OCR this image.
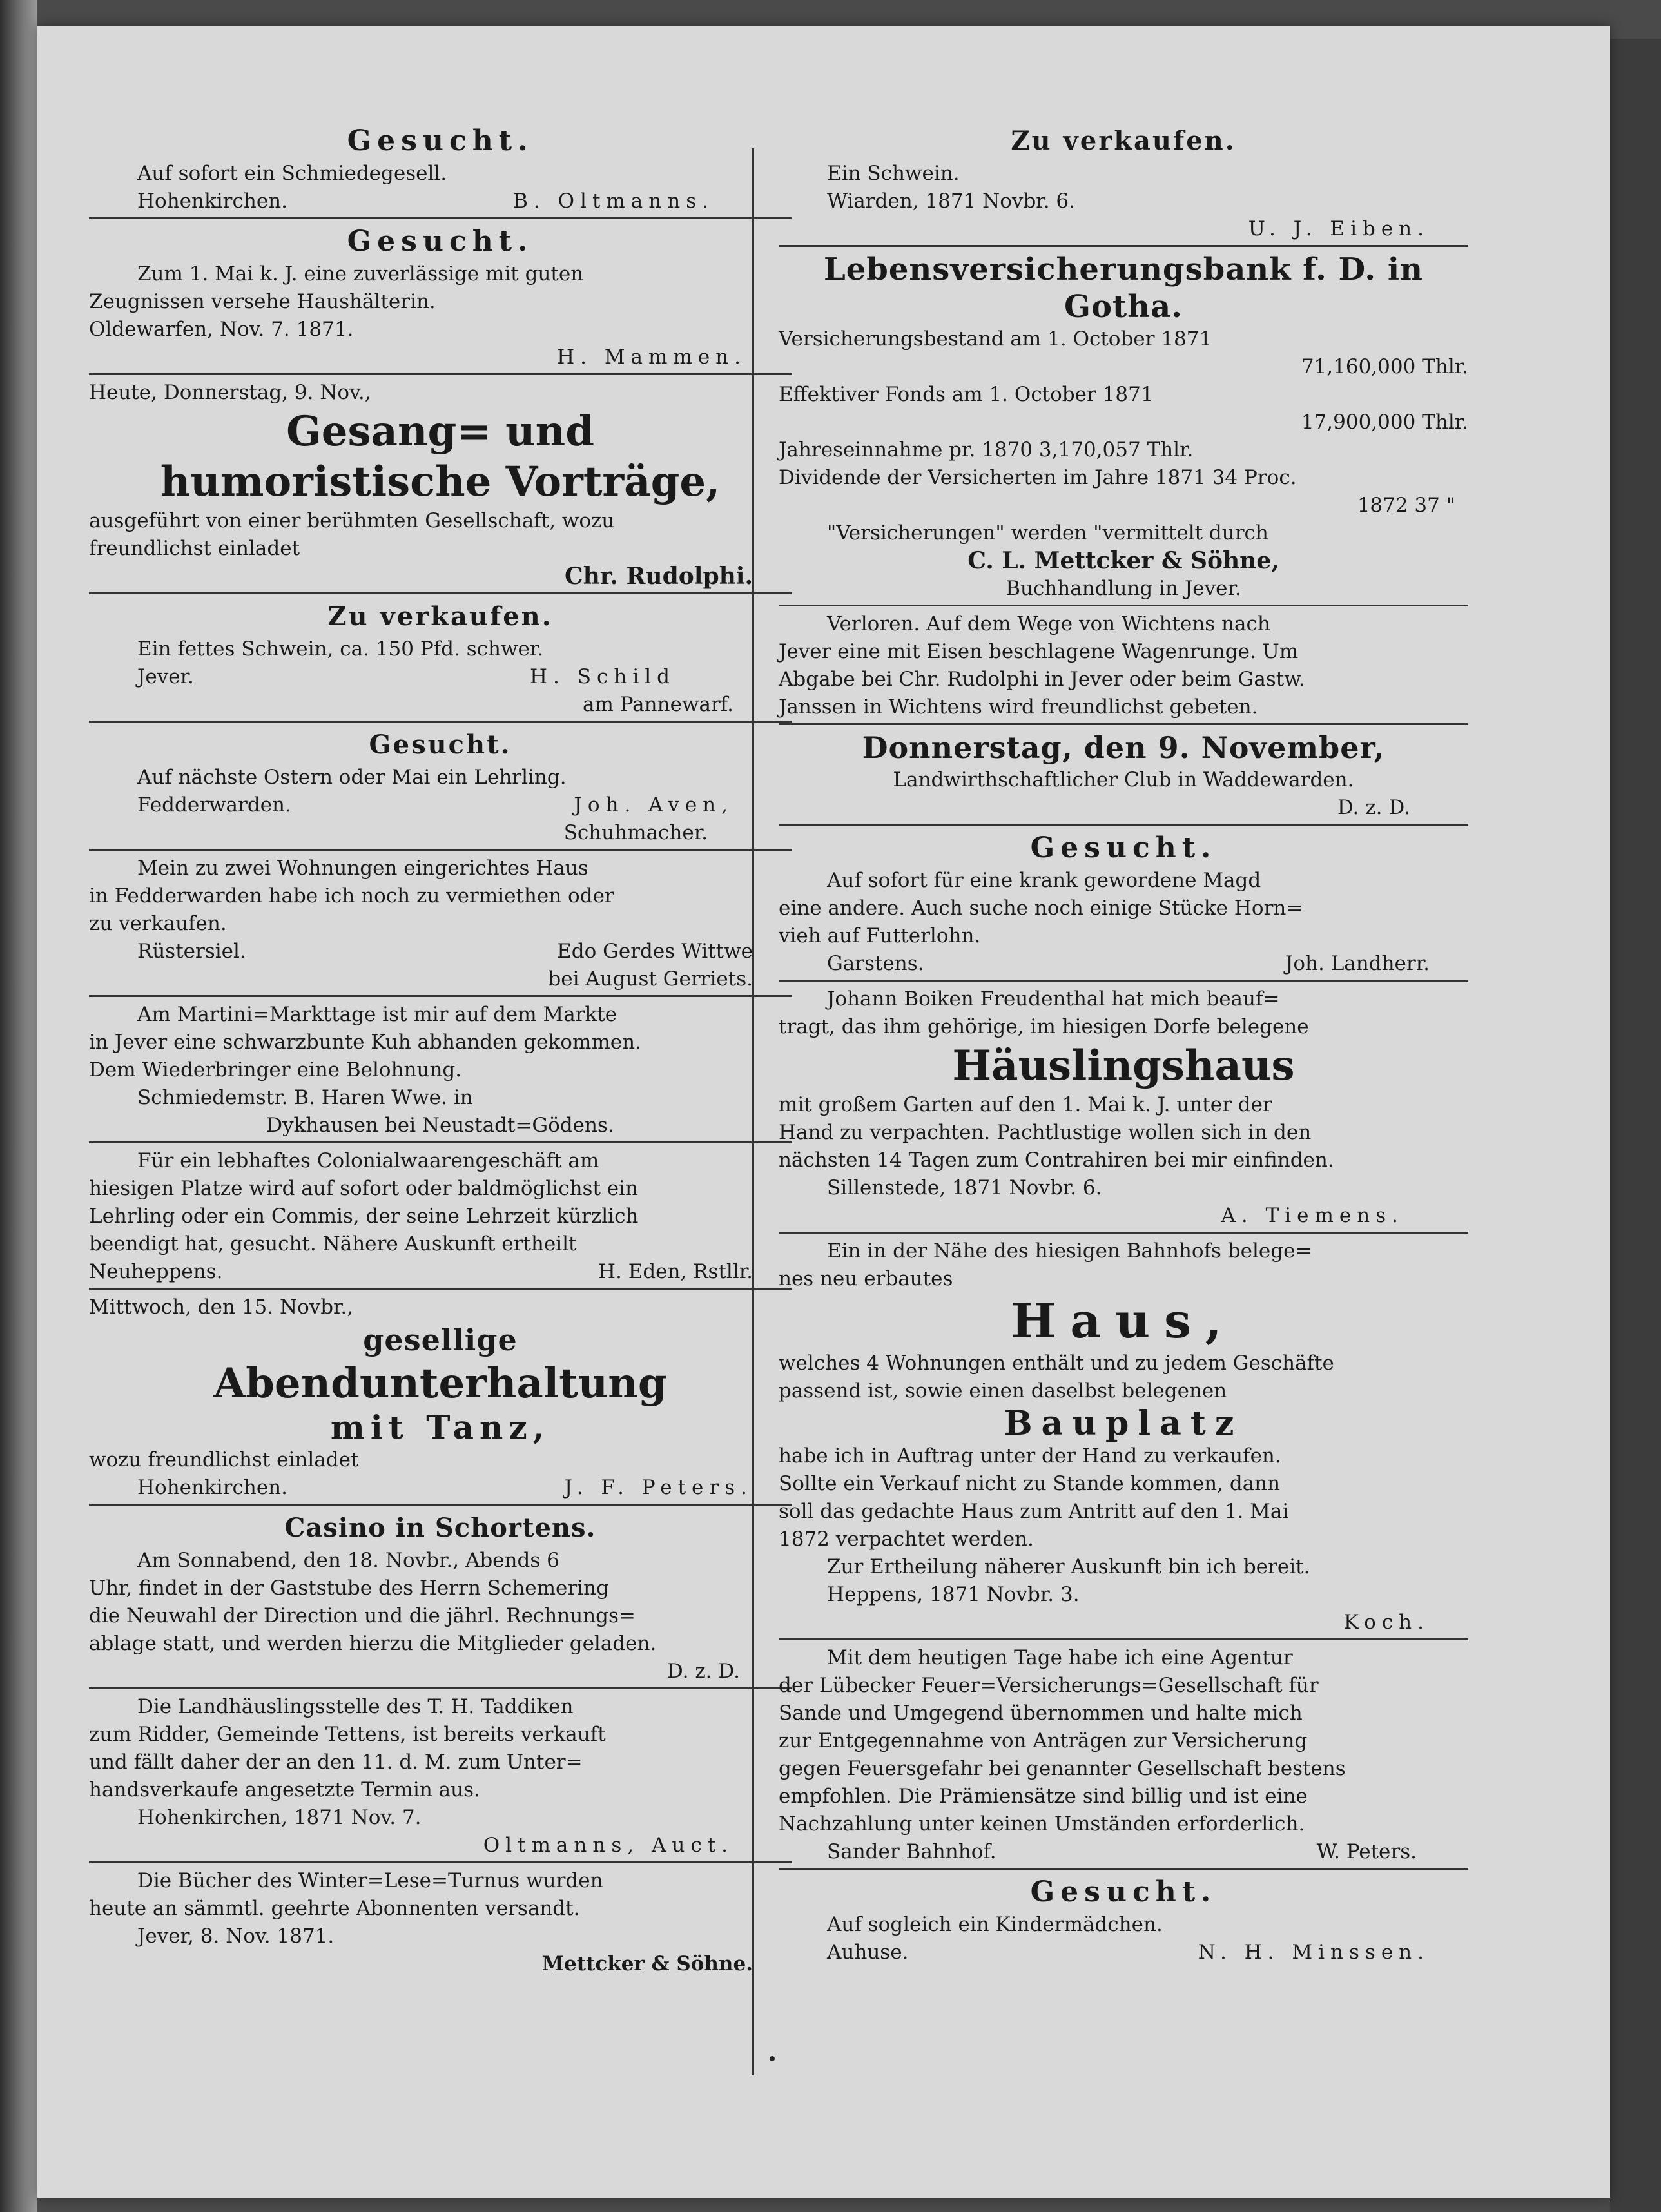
Gesucht.

Auf sofort ein Schmiedegesell.

Hohenkirchen.	B. Oltmanns.
Gesucht.

Zum 1. Mai k. J. eine zuverlässige mit guten

Zeugnissen versehe Haushälterin.

Oldewarfen, Nov. 7. 1871.

H. Mammen.

Heute, Donnerstag, 9. Nov.,

Gesang= und
humoristische Vorträge,

ausgeführt von einer berühmten Gesellschaft, wozu

freundlichst einladet

Chr. Rudolphi.

Zu verkaufen.

Ein fettes Schwein, ca. 150 Pfd. schwer.

Jever.	H. Schild

am Pannewarf.

Gesucht.

Auf nächste Ostern oder Mai ein Lehrling.

Fedderwarden.	Joh. Aven,

Schuhmacher.

Mein zu zwei Wohnungen eingerichtes Haus

in Fedderwarden habe ich noch zu vermiethen oder

zu verkaufen.

Rüstersiel.	Edo Gerdes Wittwe

bei August Gerriets.

Am Martini=Markttage ist mir auf dem Markte

in Jever eine schwarzbunte Kuh abhanden gekommen.

Dem Wiederbringer eine Belohnung.

Schmiedemstr. B. Haren Wwe. in

Dykhausen bei Neustadt=Gödens.

Für ein lebhaftes Colonialwaarengeschäft am

hiesigen Platze wird auf sofort oder baldmöglichst ein

Lehrling oder ein Commis, der seine Lehrzeit kürzlich

beendigt hat, gesucht. Nähere Auskunft ertheilt

Neuheppens.	H. Eden, Rstllr.

Mittwoch, den 15. Novbr.,

gesellige
Abendunterhaltung
mit Tanz,

wozu freundlichst einladet

Hohenkirchen.	J. F. Peters.
Casino in Schortens.

Am Sonnabend, den 18. Novbr., Abends 6

Uhr, findet in der Gaststube des Herrn Schemering

die Neuwahl der Direction und die jährl. Rechnungs=

ablage statt, und werden hierzu die Mitglieder geladen.

D. z. D.

Die Landhäuslingsstelle des T. H. Taddiken

zum Ridder, Gemeinde Tettens, ist bereits verkauft

und fällt daher der an den 11. d. M. zum Unter=

handsverkaufe angesetzte Termin aus.

Hohenkirchen, 1871 Nov. 7.

Oltmanns, Auct.

Die Bücher des Winter=Lese=Turnus wurden

heute an sämmtl. geehrte Abonnenten versandt.

Jever, 8. Nov. 1871.

Mettcker & Söhne.

Zu verkaufen.

Ein Schwein.

Wiarden, 1871 Novbr. 6.

U. J. Eiben.

Lebensversicherungsbank f. D. in
Gotha.

Versicherungsbestand am 1. October 1871

71,160,000 Thlr.

Effektiver Fonds am 1. October 1871

17,900,000 Thlr.

Jahreseinnahme pr. 1870 3,170,057 Thlr.

Dividende der Versicherten im Jahre 1871 34 Proc.

1872 37 "

"Versicherungen" werden "vermittelt durch

C. L. Mettcker & Söhne,

Buchhandlung in Jever.

Verloren. Auf dem Wege von Wichtens nach

Jever eine mit Eisen beschlagene Wagenrunge. Um

Abgabe bei Chr. Rudolphi in Jever oder beim Gastw.

Janssen in Wichtens wird freundlichst gebeten.

Donnerstag, den 9. November,

Landwirthschaftlicher Club in Waddewarden.

D. z. D.

Gesucht.

Auf sofort für eine krank gewordene Magd

eine andere. Auch suche noch einige Stücke Horn=

vieh auf Futterlohn.

Garstens.	Joh. Landherr.

Johann Boiken Freudenthal hat mich beauf=

tragt, das ihm gehörige, im hiesigen Dorfe belegene

Häuslingshaus

mit großem Garten auf den 1. Mai k. J. unter der

Hand zu verpachten. Pachtlustige wollen sich in den

nächsten 14 Tagen zum Contrahiren bei mir einfinden.

Sillenstede, 1871 Novbr. 6.

A. Tiemens.

Ein in der Nähe des hiesigen Bahnhofs belege=

nes neu erbautes

Haus,

welches 4 Wohnungen enthält und zu jedem Geschäfte

passend ist, sowie einen daselbst belegenen

Bauplatz

habe ich in Auftrag unter der Hand zu verkaufen.

Sollte ein Verkauf nicht zu Stande kommen, dann

soll das gedachte Haus zum Antritt auf den 1. Mai

1872 verpachtet werden.

Zur Ertheilung näherer Auskunft bin ich bereit.

Heppens, 1871 Novbr. 3.

Koch.

Mit dem heutigen Tage habe ich eine Agentur

der Lübecker Feuer=Versicherungs=Gesellschaft für

Sande und Umgegend übernommen und halte mich

zur Entgegennahme von Anträgen zur Versicherung

gegen Feuersgefahr bei genannter Gesellschaft bestens

empfohlen. Die Prämiensätze sind billig und ist eine

Nachzahlung unter keinen Umständen erforderlich.

Sander Bahnhof.	W. Peters.
Gesucht.

Auf sogleich ein Kindermädchen.

Auhuse.	N. H. Minssen.
